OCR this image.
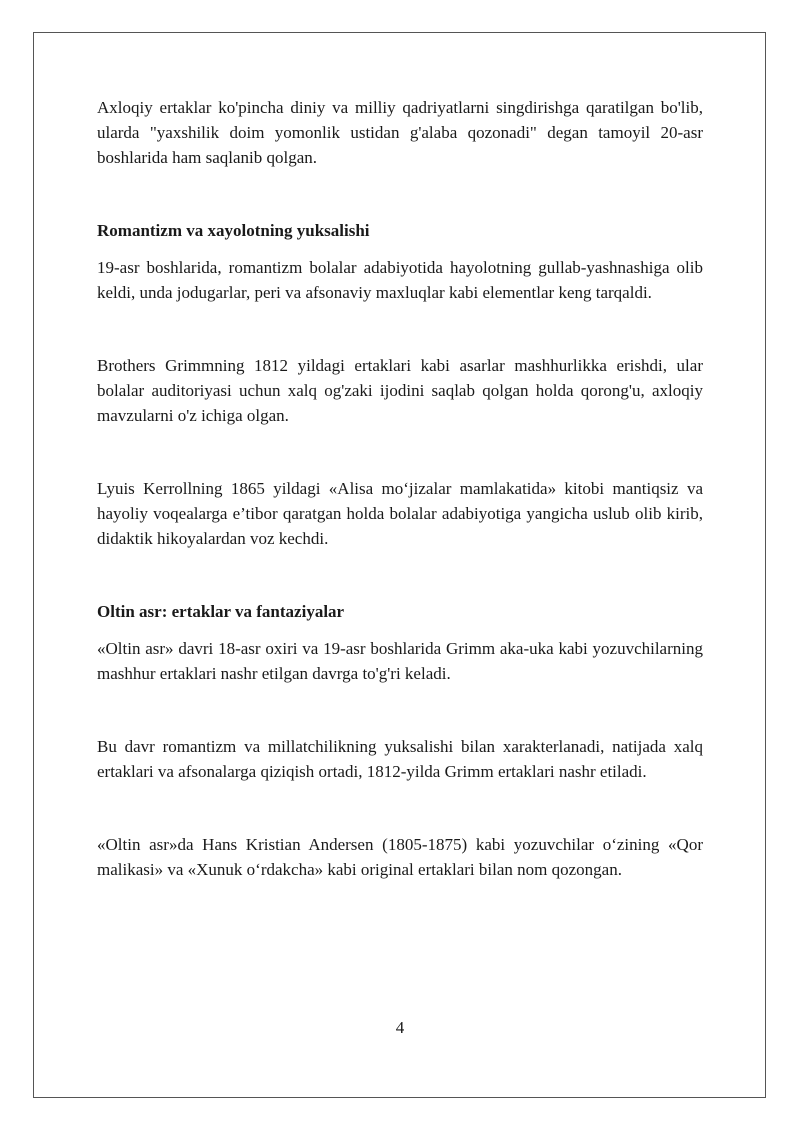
Axloqiy ertaklar ko'pincha diniy va milliy qadriyatlarni singdirishga qaratilgan bo'lib, ularda "yaxshilik doim yomonlik ustidan g'alaba qozonadi" degan tamoyil 20-asr boshlarida ham saqlanib qolgan.

Romantizm va xayolotning yuksalishi

19-asr boshlarida, romantizm bolalar adabiyotida hayolotning gullab-yashnashiga olib keldi, unda jodugarlar, peri va afsonaviy maxluqlar kabi elementlar keng tarqaldi.

Brothers Grimmning 1812 yildagi ertaklari kabi asarlar mashhurlikka erishdi, ular bolalar auditoriyasi uchun xalq og'zaki ijodini saqlab qolgan holda qorong'u, axloqiy mavzularni o'z ichiga olgan.

Lyuis Kerrollning 1865 yildagi «Alisa mo‘jizalar mamlakatida» kitobi mantiqsiz va hayoliy voqealarga e’tibor qaratgan holda bolalar adabiyotiga yangicha uslub olib kirib, didaktik hikoyalardan voz kechdi.

Oltin asr: ertaklar va fantaziyalar

«Oltin asr» davri 18-asr oxiri va 19-asr boshlarida Grimm aka-uka kabi yozuvchilarning mashhur ertaklari nashr etilgan davrga to'g'ri keladi.

Bu davr romantizm va millatchilikning yuksalishi bilan xarakterlanadi, natijada xalq ertaklari va afsonalarga qiziqish ortadi, 1812-yilda Grimm ertaklari nashr etiladi.

«Oltin asr»da Hans Kristian Andersen (1805-1875) kabi yozuvchilar o‘zining «Qor malikasi» va «Xunuk o‘rdakcha» kabi original ertaklari bilan nom qozongan.

4
